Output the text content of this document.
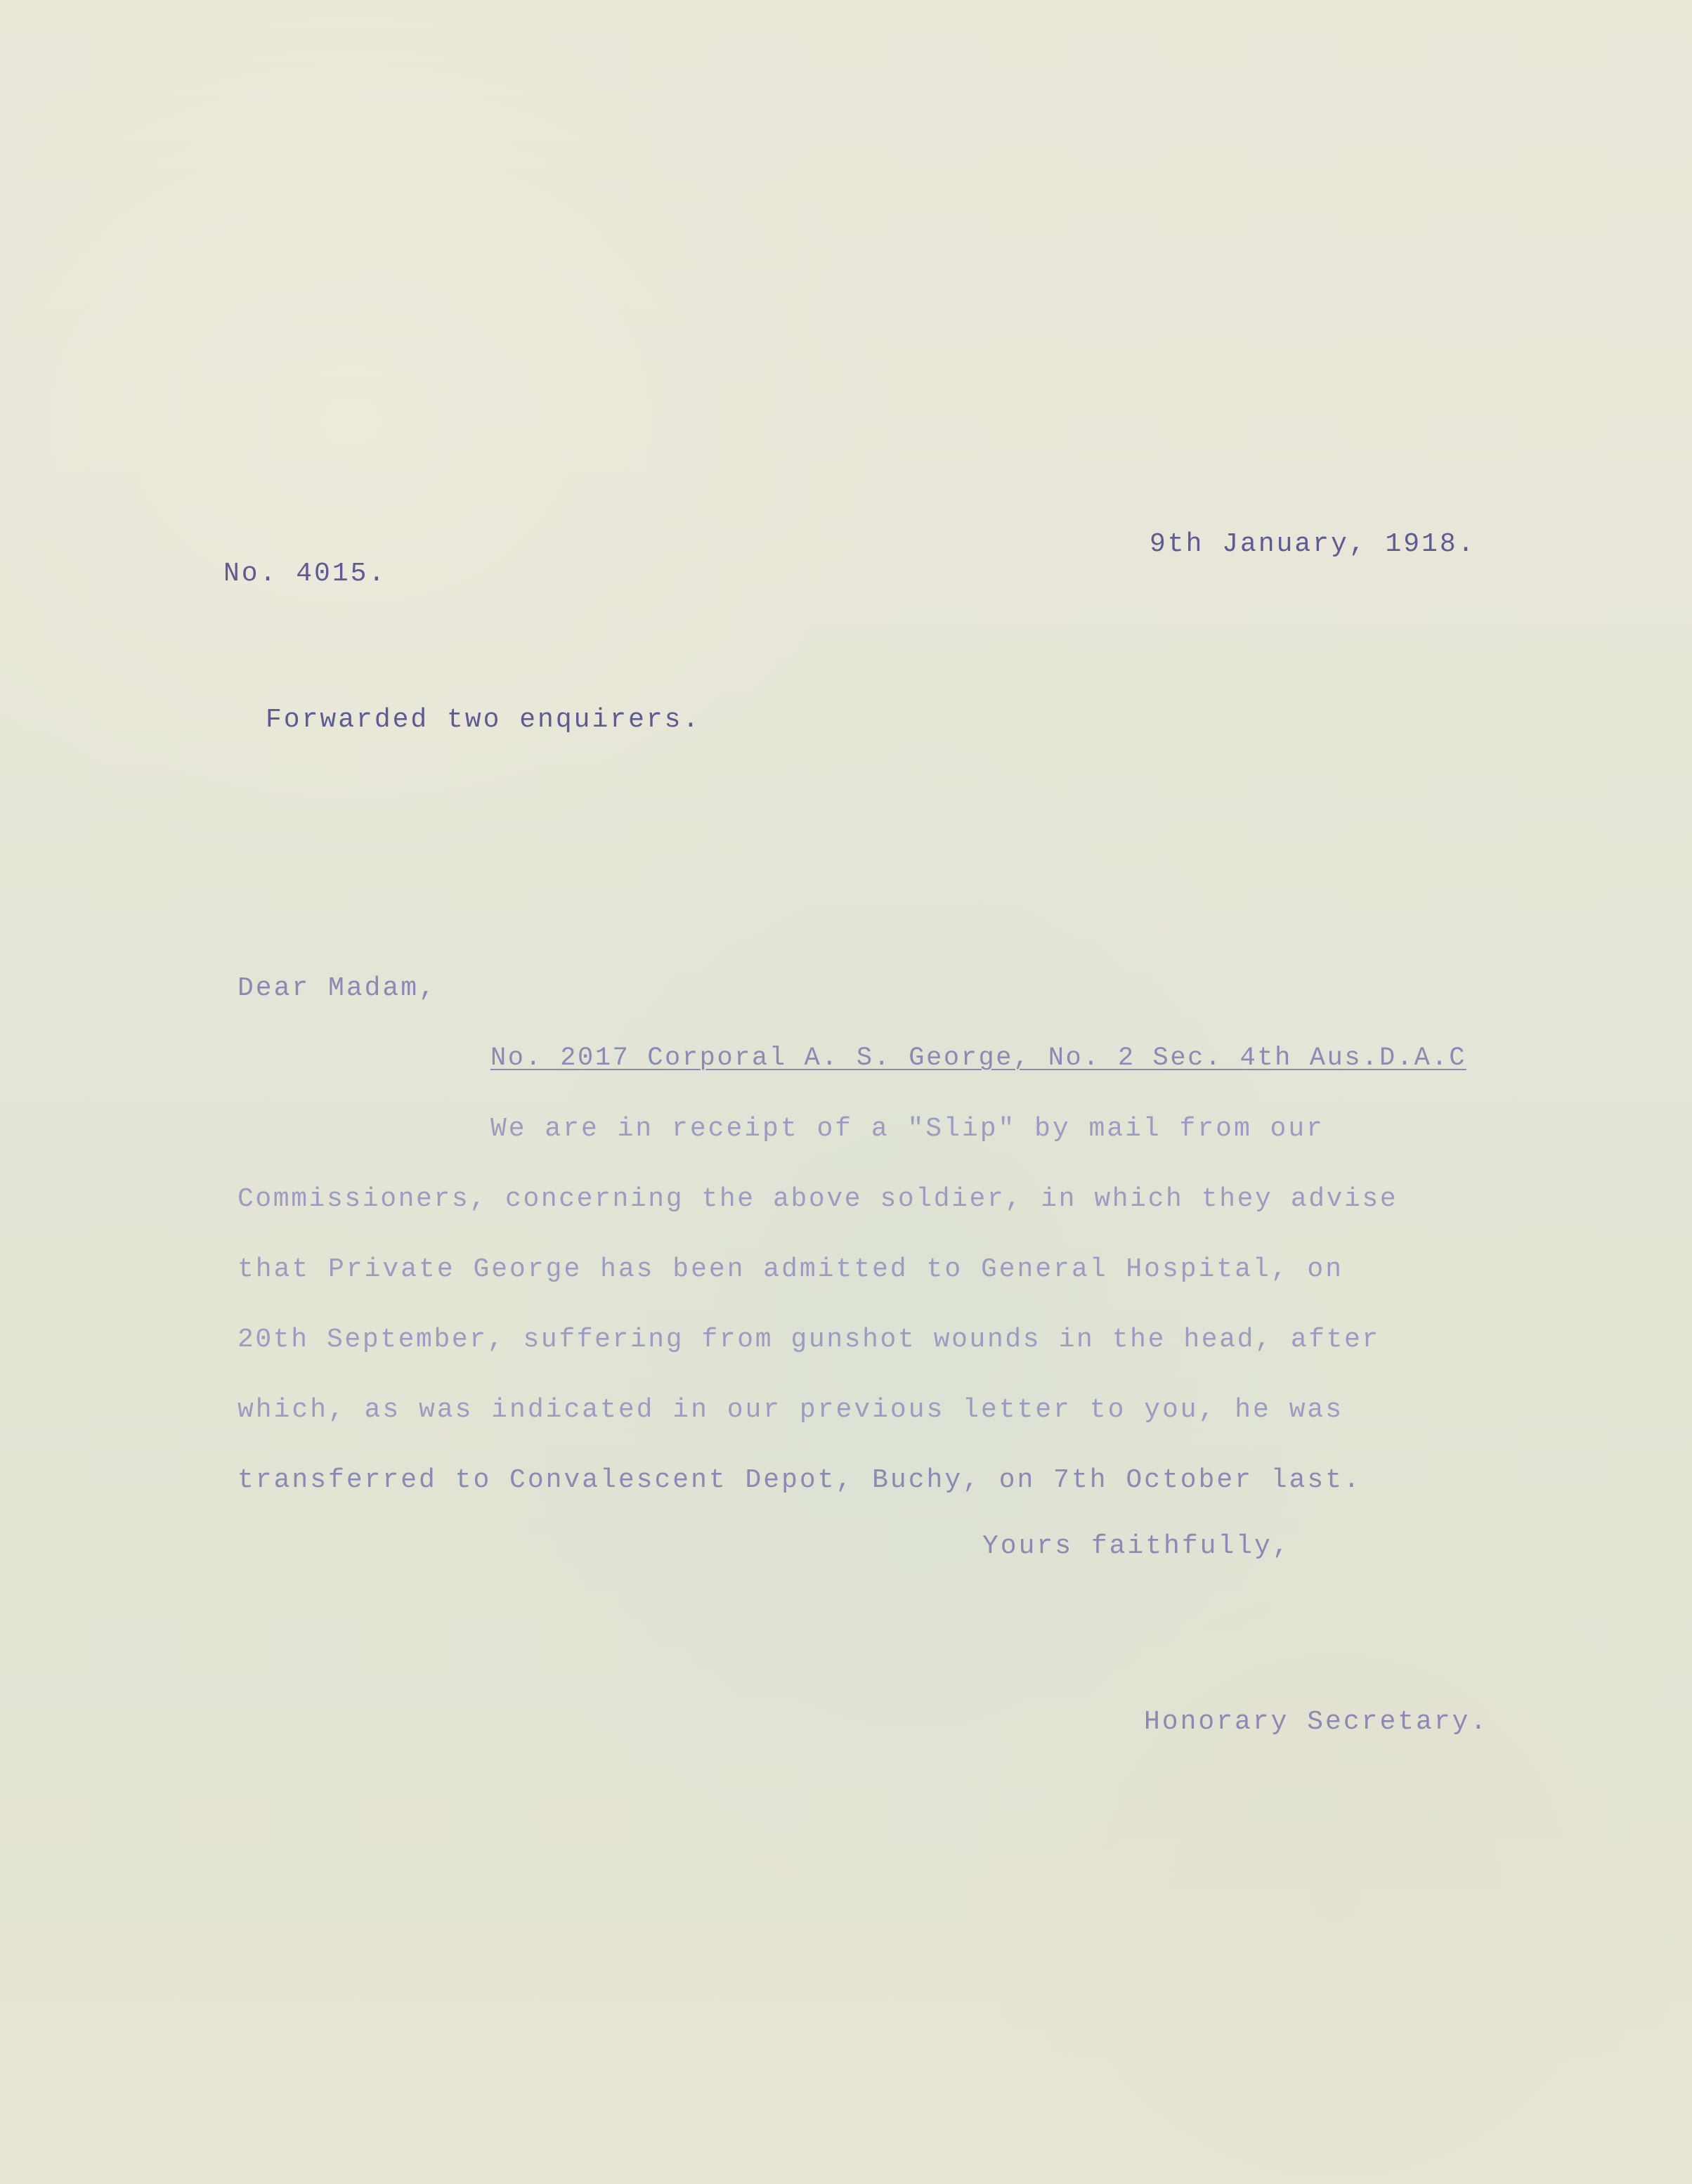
9th January, 1918.
No. 4015.
Forwarded two enquirers.
Dear Madam,
No. 2017 Corporal A. S. George, No. 2 Sec. 4th Aus.D.A.C
We are in receipt of a "Slip" by mail from our
Commissioners, concerning the above soldier, in which they advise
that Private George has been admitted to General Hospital, on
20th September, suffering from gunshot wounds in the head, after
which, as was indicated in our previous letter to you, he was
transferred to Convalescent Depot, Buchy, on 7th October last.
Yours faithfully,
Honorary Secretary.
